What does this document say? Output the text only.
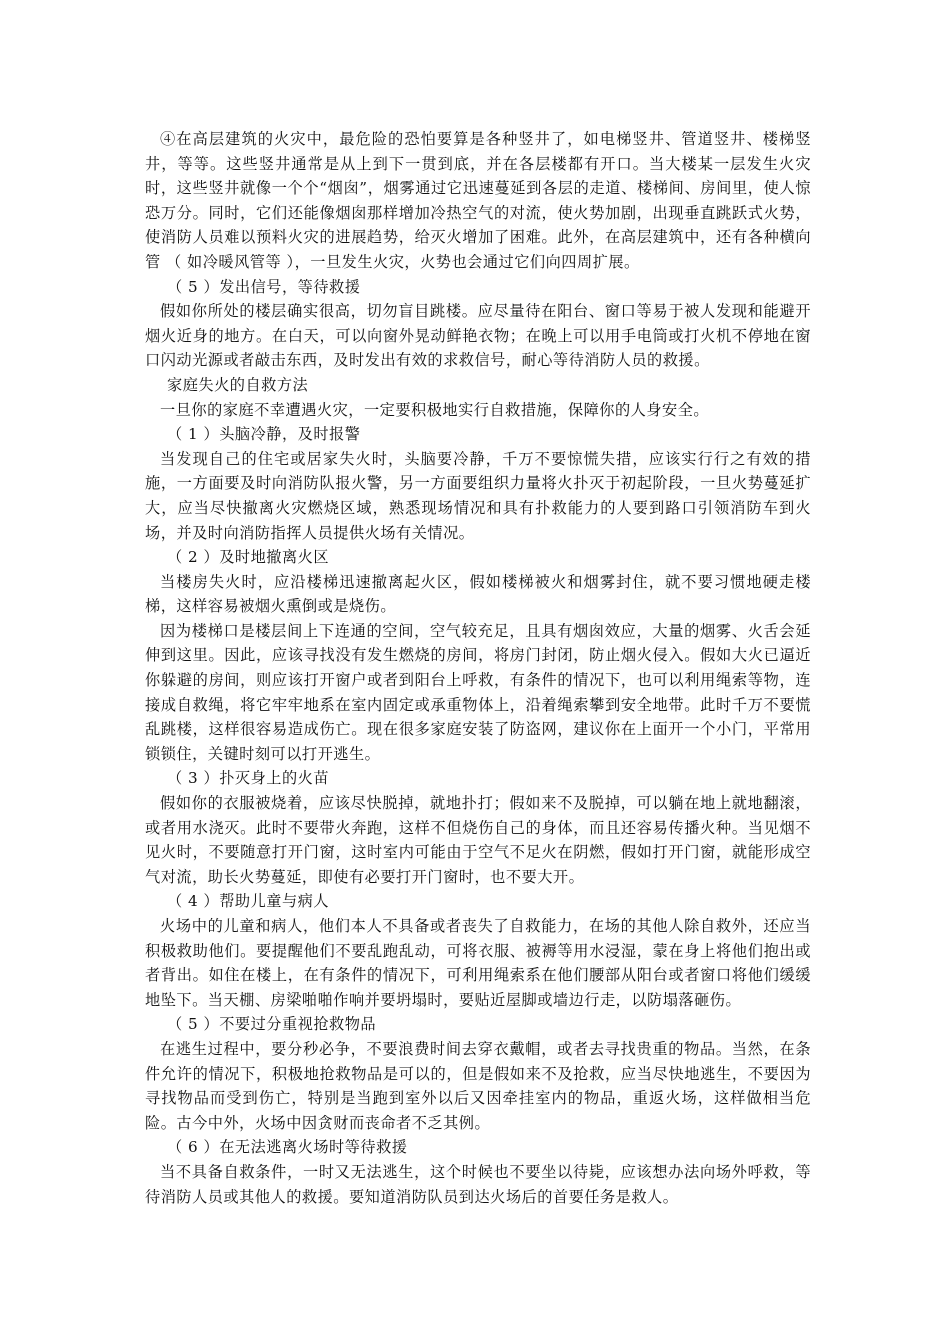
④在高层建筑的火灾中，最危险的恐怕要算是各种竖井了，如电梯竖井、管道竖井、楼梯竖井，等等。这些竖井通常是从上到下一贯到底，并在各层楼都有开口。当大楼某一层发生火灾时，这些竖井就像一个个“烟囱”，烟雾通过它迅速蔓延到各层的走道、楼梯间、房间里，使人惊恐万分。同时，它们还能像烟囱那样增加冷热空气的对流，使火势加剧，出现垂直跳跃式火势，使消防人员难以预料火灾的进展趋势，给灭火增加了困难。此外，在高层建筑中，还有各种横向管 （ 如冷暖风管等 ），一旦发生火灾，火势也会通过它们向四周扩展。

（ 5 ）发出信号，等待救援

假如你所处的楼层确实很高，切勿盲目跳楼。应尽量待在阳台、窗口等易于被人发现和能避开烟火近身的地方。在白天，可以向窗外晃动鲜艳衣物；在晚上可以用手电筒或打火机不停地在窗口闪动光源或者敲击东西，及时发出有效的求救信号，耐心等待消防人员的救援。

家庭失火的自救方法

一旦你的家庭不幸遭遇火灾，一定要积极地实行自救措施，保障你的人身安全。

（ 1 ）头脑冷静，及时报警

当发现自己的住宅或居家失火时，头脑要冷静，千万不要惊慌失措，应该实行行之有效的措施，一方面要及时向消防队报火警，另一方面要组织力量将火扑灭于初起阶段，一旦火势蔓延扩大，应当尽快撤离火灾燃烧区域，熟悉现场情况和具有扑救能力的人要到路口引领消防车到火场，并及时向消防指挥人员提供火场有关情况。

（ 2 ）及时地撤离火区

当楼房失火时，应沿楼梯迅速撤离起火区，假如楼梯被火和烟雾封住，就不要习惯地硬走楼梯，这样容易被烟火熏倒或是烧伤。

因为楼梯口是楼层间上下连通的空间，空气较充足，且具有烟囱效应，大量的烟雾、火舌会延伸到这里。因此，应该寻找没有发生燃烧的房间，将房门封闭，防止烟火侵入。假如大火已逼近你躲避的房间，则应该打开窗户或者到阳台上呼救，有条件的情况下，也可以利用绳索等物，连接成自救绳，将它牢牢地系在室内固定或承重物体上，沿着绳索攀到安全地带。此时千万不要慌乱跳楼，这样很容易造成伤亡。现在很多家庭安装了防盗网，建议你在上面开一个小门，平常用锁锁住，关键时刻可以打开逃生。

（ 3 ）扑灭身上的火苗

假如你的衣服被烧着，应该尽快脱掉，就地扑打；假如来不及脱掉，可以躺在地上就地翻滚，或者用水浇灭。此时不要带火奔跑，这样不但烧伤自己的身体，而且还容易传播火种。当见烟不见火时，不要随意打开门窗，这时室内可能由于空气不足火在阴燃，假如打开门窗，就能形成空气对流，助长火势蔓延，即使有必要打开门窗时，也不要大开。

（ 4 ）帮助儿童与病人

火场中的儿童和病人，他们本人不具备或者丧失了自救能力，在场的其他人除自救外，还应当积极救助他们。要提醒他们不要乱跑乱动，可将衣服、被褥等用水浸湿，蒙在身上将他们抱出或者背出。如住在楼上，在有条件的情况下，可利用绳索系在他们腰部从阳台或者窗口将他们缓缓地坠下。当天棚、房梁啪啪作响并要坍塌时，要贴近屋脚或墙边行走，以防塌落砸伤。

（ 5 ）不要过分重视抢救物品

在逃生过程中，要分秒必争，不要浪费时间去穿衣戴帽，或者去寻找贵重的物品。当然，在条件允许的情况下，积极地抢救物品是可以的，但是假如来不及抢救，应当尽快地逃生，不要因为寻找物品而受到伤亡，特别是当跑到室外以后又因牵挂室内的物品，重返火场，这样做相当危险。古今中外，火场中因贪财而丧命者不乏其例。

（ 6 ）在无法逃离火场时等待救援

当不具备自救条件，一时又无法逃生，这个时候也不要坐以待毙，应该想办法向场外呼救，等待消防人员或其他人的救援。要知道消防队员到达火场后的首要任务是救人。
